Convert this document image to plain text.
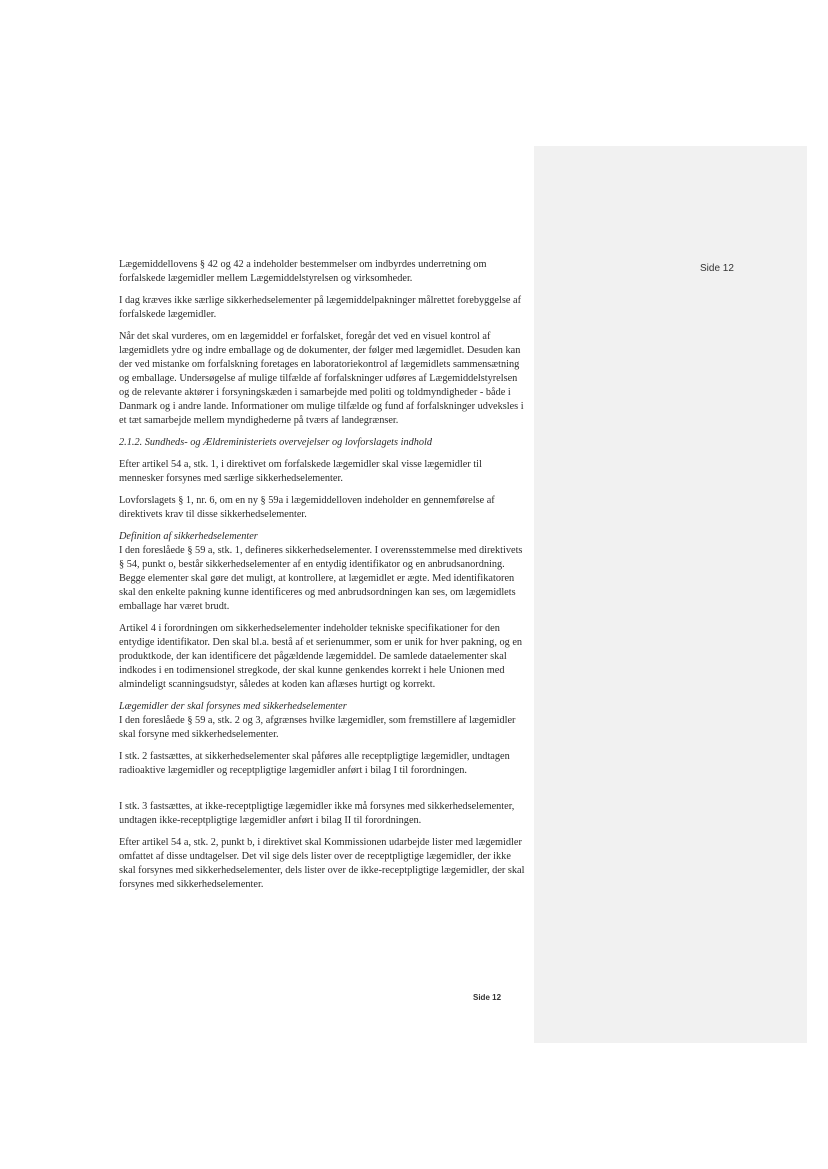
Side 12

Lægemiddellovens § 42 og 42 a indeholder bestemmelser om indbyrdes underretning om forfalskede lægemidler mellem Lægemiddelstyrelsen og virksomheder.

I dag kræves ikke særlige sikkerhedselementer på lægemiddelpakninger målrettet forebyggelse af forfalskede lægemidler.

Når det skal vurderes, om en lægemiddel er forfalsket, foregår det ved en visuel kontrol af lægemidlets ydre og indre emballage og de dokumenter, der følger med lægemidlet. Desuden kan der ved mistanke om forfalskning foretages en laboratoriekontrol af lægemidlets sammensætning og emballage. Undersøgelse af mulige tilfælde af forfalskninger udføres af Lægemiddelstyrelsen og de relevante aktører i forsyningskæden i samarbejde med politi og toldmyndigheder - både i Danmark og i andre lande. Informationer om mulige tilfælde og fund af forfalskninger udveksles i et tæt samarbejde mellem myndighederne på tværs af landegrænser.

2.1.2. Sundheds- og Ældreministeriets overvejelser og lovforslagets indhold

Efter artikel 54 a, stk. 1, i direktivet om forfalskede lægemidler skal visse lægemidler til mennesker forsynes med særlige sikkerhedselementer.

Lovforslagets § 1, nr. 6, om en ny § 59a i lægemiddelloven indeholder en gennemførelse af direktivets krav til disse sikkerhedselementer.

Definition af sikkerhedselementer

I den foreslåede § 59 a, stk. 1, defineres sikkerhedselementer. I overensstemmelse med direktivets § 54, punkt o, består sikkerhedselementer af en entydig identifikator og en anbrudsanordning. Begge elementer skal gøre det muligt, at kontrollere, at lægemidlet er ægte. Med identifikatoren skal den enkelte pakning kunne identificeres og med anbrudsordningen kan ses, om lægemidlets emballage har været brudt.

Artikel 4 i forordningen om sikkerhedselementer indeholder tekniske specifikationer for den entydige identifikator. Den skal bl.a. bestå af et serienummer, som er unik for hver pakning, og en produktkode, der kan identificere det pågældende lægemiddel. De samlede dataelementer skal indkodes i en todimensionel stregkode, der skal kunne genkendes korrekt i hele Unionen med almindeligt scanningsudstyr, således at koden kan aflæses hurtigt og korrekt.

Lægemidler der skal forsynes med sikkerhedselementer

I den foreslåede § 59 a, stk. 2 og 3, afgrænses hvilke lægemidler, som fremstillere af lægemidler skal forsyne med sikkerhedselementer.

I stk. 2 fastsættes, at sikkerhedselementer skal påføres alle receptpligtige lægemidler, undtagen radioaktive lægemidler og receptpligtige lægemidler anført i bilag I til forordningen.

I stk. 3 fastsættes, at ikke-receptpligtige lægemidler ikke må forsynes med sikkerhedselementer, undtagen ikke-receptpligtige lægemidler anført i bilag II til forordningen.

Efter artikel 54 a, stk. 2, punkt b, i direktivet skal Kommissionen udarbejde lister med lægemidler omfattet af disse undtagelser. Det vil sige dels lister over de receptpligtige lægemidler, der ikke skal forsynes med sikkerhedselementer, dels lister over de ikke-receptpligtige lægemidler, der skal forsynes med sikkerhedselementer.

Side 12
